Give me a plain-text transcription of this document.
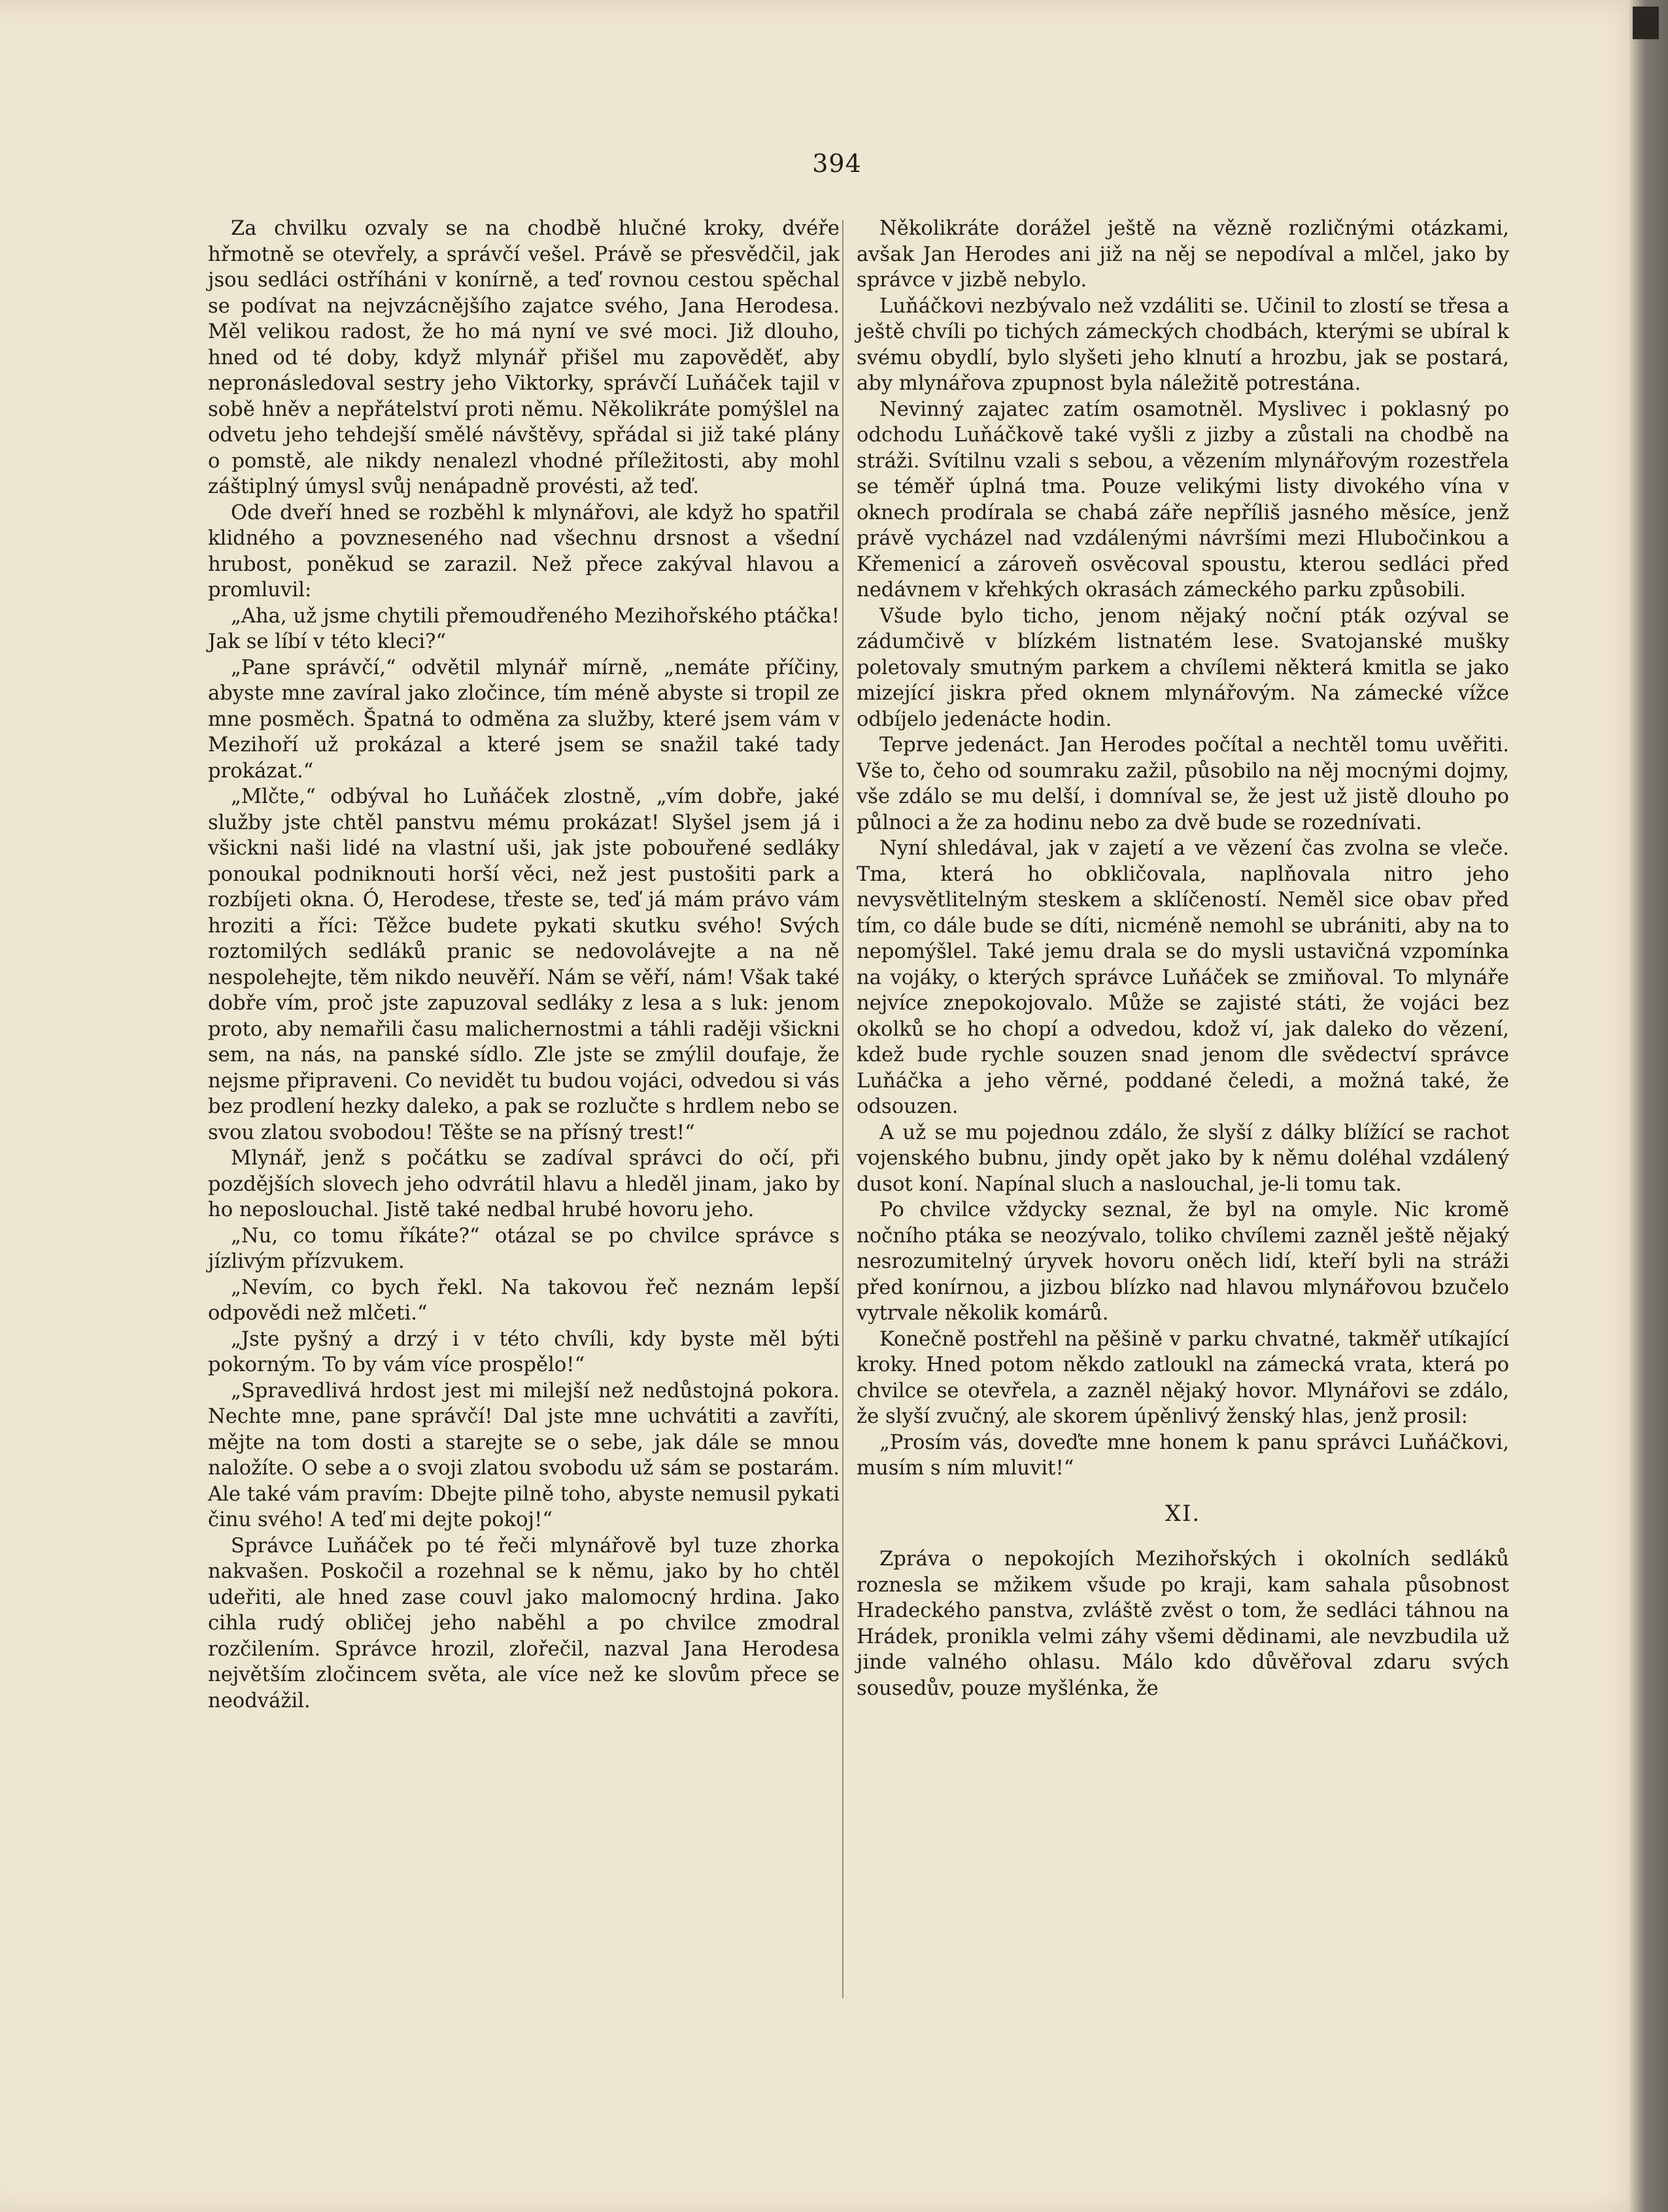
394

Za chvilku ozvaly se na chodbě hlučné kroky, dvéře hřmotně se otevřely, a správčí vešel. Právě se přesvědčil, jak jsou sedláci ostříháni v konírně, a teď rovnou cestou spěchal se podívat na nejvzácnějšího zajatce svého, Jana Herodesa. Měl velikou radost, že ho má nyní ve své moci. Již dlouho, hned od té doby, když mlynář přišel mu zapověděť, aby nepronásledoval sestry jeho Viktorky, správčí Luňáček tajil v sobě hněv a nepřátelství proti němu. Několikráte pomýšlel na odvetu jeho tehdejší smělé návštěvy, spřádal si již také plány o pomstě, ale nikdy nenalezl vhodné příležitosti, aby mohl záštiplný úmysl svůj nenápadně provésti, až teď.

Ode dveří hned se rozběhl k mlynářovi, ale když ho spatřil klidného a povzneseného nad všechnu drsnost a všední hrubost, poněkud se zarazil. Než přece zakýval hlavou a promluvil:

„Aha, už jsme chytili přemoudřeného Mezihořského ptáčka! Jak se líbí v této kleci?“

„Pane správčí,“ odvětil mlynář mírně, „nemáte příčiny, abyste mne zavíral jako zločince, tím méně abyste si tropil ze mne posměch. Špatná to odměna za služby, které jsem vám v Mezihoří už prokázal a které jsem se snažil také tady prokázat.“

„Mlčte,“ odbýval ho Luňáček zlostně, „vím dobře, jaké služby jste chtěl panstvu mému prokázat! Slyšel jsem já i všickni naši lidé na vlastní uši, jak jste pobouřené sedláky ponoukal podniknouti horší věci, než jest pustošiti park a rozbíjeti okna. Ó, Herodese, třeste se, teď já mám právo vám hroziti a říci: Těžce budete pykati skutku svého! Svých roztomilých sedláků pranic se nedovolávejte a na ně nespolehejte, těm nikdo neuvěří. Nám se věří, nám! Však také dobře vím, proč jste zapuzoval sedláky z lesa a s luk: jenom proto, aby nemařili času malichernostmi a táhli raději všickni sem, na nás, na panské sídlo. Zle jste se zmýlil doufaje, že nejsme připraveni. Co nevidět tu budou vojáci, odvedou si vás bez prodlení hezky daleko, a pak se rozlučte s hrdlem nebo se svou zlatou svobodou! Těšte se na přísný trest!“

Mlynář, jenž s počátku se zadíval správci do očí, při pozdějších slovech jeho odvrátil hlavu a hleděl jinam, jako by ho neposlouchal. Jistě také nedbal hrubé hovoru jeho.

„Nu, co tomu říkáte?“ otázal se po chvilce správce s jízlivým přízvukem.

„Nevím, co bych řekl. Na takovou řeč neznám lepší odpovědi než mlčeti.“

„Jste pyšný a drzý i v této chvíli, kdy byste měl býti pokorným. To by vám více prospělo!“

„Spravedlivá hrdost jest mi milejší než nedůstojná pokora. Nechte mne, pane správčí! Dal jste mne uchvátiti a zavříti, mějte na tom dosti a starejte se o sebe, jak dále se mnou naložíte. O sebe a o svoji zlatou svobodu už sám se postarám. Ale také vám pravím: Dbejte pilně toho, abyste nemusil pykati činu svého! A teď mi dejte pokoj!“

Správce Luňáček po té řeči mlynářově byl tuze zhorka nakvašen. Poskočil a rozehnal se k němu, jako by ho chtěl udeřiti, ale hned zase couvl jako malomocný hrdina. Jako cihla rudý obličej jeho naběhl a po chvilce zmodral rozčilením. Správce hrozil, zlořečil, nazval Jana Herodesa největším zločincem světa, ale více než ke slovům přece se neodvážil.

Několikráte dorážel ještě na vězně rozličnými otázkami, avšak Jan Herodes ani již na něj se nepodíval a mlčel, jako by správce v jizbě nebylo.

Luňáčkovi nezbývalo než vzdáliti se. Učinil to zlostí se třesa a ještě chvíli po tichých zámeckých chodbách, kterými se ubíral k svému obydlí, bylo slyšeti jeho klnutí a hrozbu, jak se postará, aby mlynářova zpupnost byla náležitě potrestána.

Nevinný zajatec zatím osamotněl. Myslivec i poklasný po odchodu Luňáčkově také vyšli z jizby a zůstali na chodbě na stráži. Svítilnu vzali s sebou, a vězením mlynářovým rozestřela se téměř úplná tma. Pouze velikými listy divokého vína v oknech prodírala se chabá záře nepříliš jasného měsíce, jenž právě vycházel nad vzdálenými návršími mezi Hlubočinkou a Křemenicí a zároveň osvěcoval spoustu, kterou sedláci před nedávnem v křehkých okrasách zámeckého parku způsobili.

Všude bylo ticho, jenom nějaký noční pták ozýval se zádumčivě v blízkém listnatém lese. Svatojanské mušky poletovaly smutným parkem a chvílemi některá kmitla se jako mizející jiskra před oknem mlynářovým. Na zámecké vížce odbíjelo jedenácte hodin.

Teprve jedenáct. Jan Herodes počítal a nechtěl tomu uvěřiti. Vše to, čeho od soumraku zažil, působilo na něj mocnými dojmy, vše zdálo se mu delší, i domníval se, že jest už jistě dlouho po půlnoci a že za hodinu nebo za dvě bude se rozednívati.

Nyní shledával, jak v zajetí a ve vězení čas zvolna se vleče. Tma, která ho obkličovala, naplňovala nitro jeho nevysvětlitelným steskem a sklíčeností. Neměl sice obav před tím, co dále bude se díti, nicméně nemohl se ubrániti, aby na to nepomýšlel. Také jemu drala se do mysli ustavičná vzpomínka na vojáky, o kterých správce Luňáček se zmiňoval. To mlynáře nejvíce znepokojovalo. Může se zajisté státi, že vojáci bez okolků se ho chopí a odvedou, kdož ví, jak daleko do vězení, kdež bude rychle souzen snad jenom dle svědectví správce Luňáčka a jeho věrné, poddané čeledi, a možná také, že odsouzen.

A už se mu pojednou zdálo, že slyší z dálky blížící se rachot vojenského bubnu, jindy opět jako by k němu doléhal vzdálený dusot koní. Napínal sluch a naslouchal, je-li tomu tak.

Po chvilce vždycky seznal, že byl na omyle. Nic kromě nočního ptáka se neozývalo, toliko chvílemi zazněl ještě nějaký nesrozumitelný úryvek hovoru oněch lidí, kteří byli na stráži před konírnou, a jizbou blízko nad hlavou mlynářovou bzučelo vytrvale několik komárů.

Konečně postřehl na pěšině v parku chvatné, takměř utíkající kroky. Hned potom někdo zatloukl na zámecká vrata, která po chvilce se otevřela, a zazněl nějaký hovor. Mlynářovi se zdálo, že slyší zvučný, ale skorem úpěnlivý ženský hlas, jenž prosil:

„Prosím vás, doveďte mne honem k panu správci Luňáčkovi, musím s ním mluvit!“

XI.

Zpráva o nepokojích Mezihořských i okolních sedláků roznesla se mžikem všude po kraji, kam sahala působnost Hradeckého panstva, zvláště zvěst o tom, že sedláci táhnou na Hrádek, pronikla velmi záhy všemi dědinami, ale nevzbudila už jinde valného ohlasu. Málo kdo důvěřoval zdaru svých sousedův, pouze myšlénka, že
